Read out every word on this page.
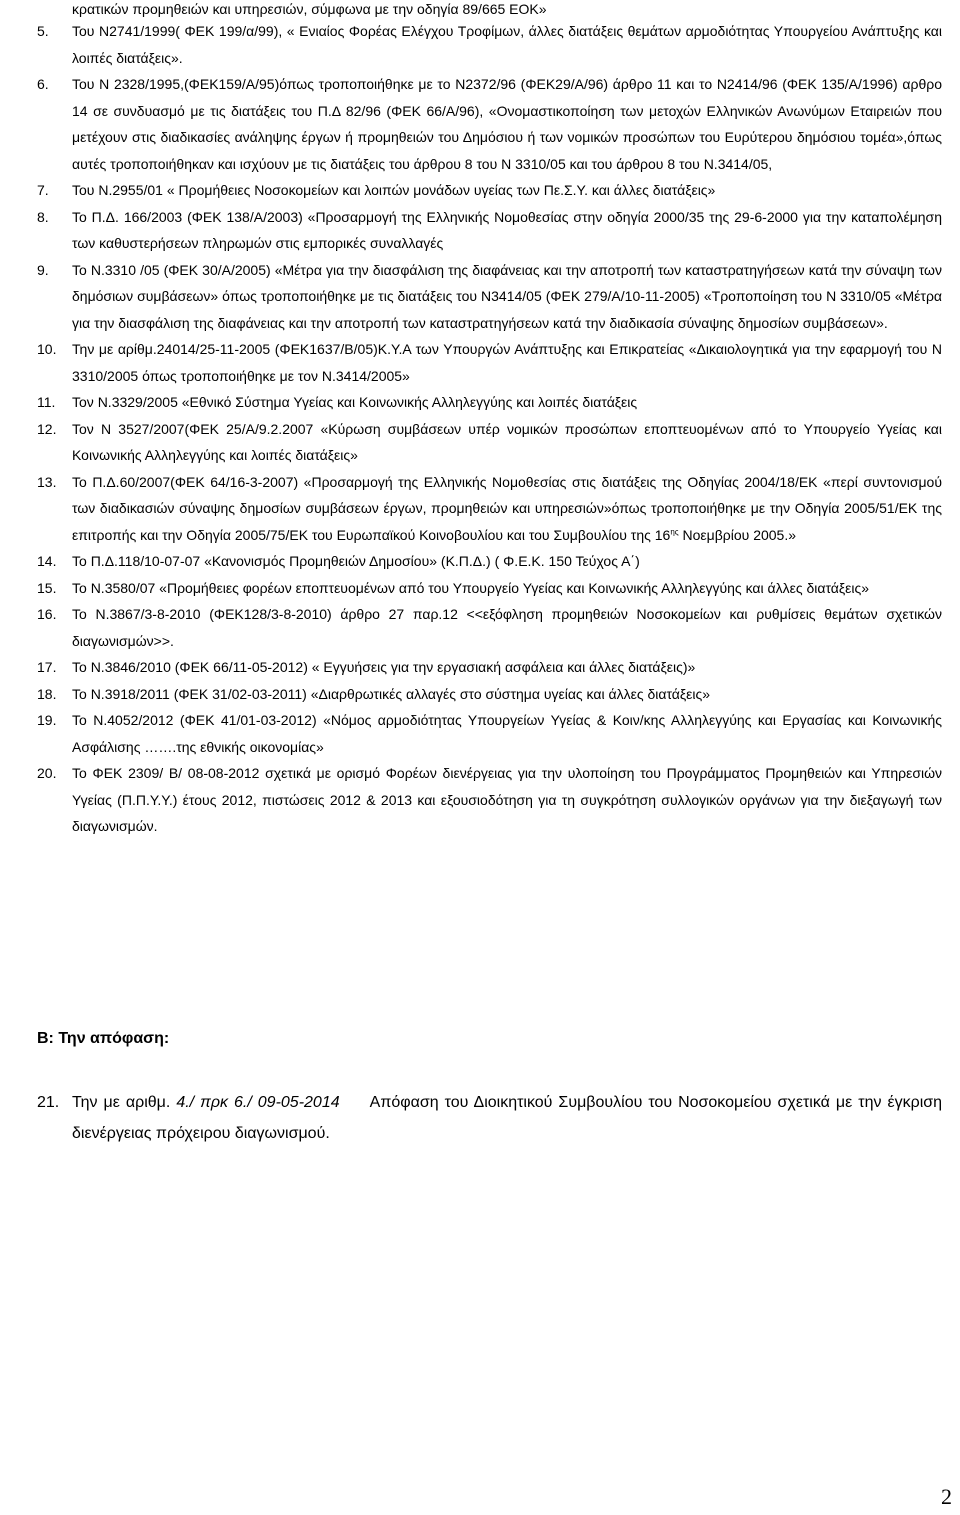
κρατικών προμηθειών και υπηρεσιών, σύμφωνα με την οδηγία 89/665 ΕΟΚ»
5. Του Ν2741/1999( ΦΕΚ 199/α/99), « Ενιαίος Φορέας Ελέγχου Τροφίμων, άλλες διατάξεις θεμάτων αρμοδιότητας Υπουργείου Ανάπτυξης και λοιπές διατάξεις».
6. Του Ν 2328/1995,(ΦΕΚ159/Α/95)όπως τροποποιήθηκε με το Ν2372/96 (ΦΕΚ29/Α/96) άρθρο 11 και το Ν2414/96 (ΦΕΚ 135/Α/1996) αρθρο 14 σε συνδυασμό με τις διατάξεις του Π.Δ 82/96 (ΦΕΚ 66/Α/96), «Ονομαστικοποίηση των μετοχών Ελληνικών Ανωνύμων Εταιρειών που μετέχουν στις διαδικασίες ανάληψης έργων ή προμηθειών του Δημόσιου ή των νομικών προσώπων του Ευρύτερου δημόσιου τομέα»,όπως αυτές τροποποιήθηκαν και ισχύουν με τις διατάξεις του άρθρου 8 του Ν 3310/05 και του άρθρου 8 του Ν.3414/05,
7. Του Ν.2955/01 « Προμήθειες Νοσοκομείων και λοιπών μονάδων υγείας των Πε.Σ.Υ. και άλλες διατάξεις»
8. Το Π.Δ. 166/2003 (ΦΕΚ 138/Α/2003) «Προσαρμογή της Ελληνικής Νομοθεσίας στην οδηγία 2000/35 της 29-6-2000 για την καταπολέμηση των καθυστερήσεων πληρωμών στις εμπορικές συναλλαγές
9. Το Ν.3310 /05 (ΦΕΚ 30/Α/2005) «Μέτρα για την διασφάλιση της διαφάνειας και την αποτροπή των καταστρατηγήσεων κατά την σύναψη των δημόσιων συμβάσεων» όπως τροποποιήθηκε με τις διατάξεις του Ν3414/05 (ΦΕΚ 279/Α/10-11-2005) «Τροποποίηση του Ν 3310/05 «Μέτρα για την διασφάλιση της διαφάνειας και την αποτροπή των καταστρατηγήσεων κατά την διαδικασία σύναψης δημοσίων συμβάσεων».
10. Την με αρίθμ.24014/25-11-2005 (ΦΕΚ1637/Β/05)Κ.Υ.Α των Υπουργών Ανάπτυξης και Επικρατείας «Δικαιολογητικά για την εφαρμογή του Ν 3310/2005 όπως τροποποιήθηκε με τον Ν.3414/2005»
11. Τον Ν.3329/2005 «Εθνικό Σύστημα Υγείας και Κοινωνικής Αλληλεγγύης και λοιπές διατάξεις
12. Τον Ν 3527/2007(ΦΕΚ 25/Α/9.2.2007 «Κύρωση συμβάσεων υπέρ νομικών προσώπων εποπτευομένων από το Υπουργείο Υγείας και Κοινωνικής Αλληλεγγύης και λοιπές διατάξεις»
13. Το Π.Δ.60/2007(ΦΕΚ 64/16-3-2007) «Προσαρμογή της Ελληνικής Νομοθεσίας στις διατάξεις της Οδηγίας 2004/18/ΕΚ «περί συντονισμού των διαδικασιών σύναψης δημοσίων συμβάσεων έργων, προμηθειών και υπηρεσιών»όπως τροποποιήθηκε με την Οδηγία 2005/51/ΕΚ της επιτροπής και την Οδηγία 2005/75/ΕΚ του Ευρωπαϊκού Κοινοβουλίου και του Συμβουλίου της $16^{\eta\varsigma}$ Νοεμβρίου 2005.»
14. Το Π.Δ.118/10-07-07 «Κανονισμός Προμηθειών Δημοσίου» (Κ.Π.Δ.) ( Φ.Ε.Κ. 150 Τεύχος Α΄)
15. Το Ν.3580/07 «Προμήθειες φορέων εποπτευομένων από του Υπουργείο Υγείας και Κοινωνικής Αλληλεγγύης και άλλες διατάξεις»
16. Το Ν.3867/3-8-2010 (ΦΕΚ128/3-8-2010) άρθρο 27 παρ.12 <<εξόφληση προμηθειών Νοσοκομείων και ρυθμίσεις θεμάτων σχετικών διαγωνισμών>>.
17. Το Ν.3846/2010 (ΦΕΚ 66/11-05-2012) « Εγγυήσεις για την εργασιακή ασφάλεια και άλλες διατάξεις)»
18. Το Ν.3918/2011 (ΦΕΚ 31/02-03-2011) «Διαρθρωτικές αλλαγές στο σύστημα υγείας και άλλες διατάξεις»
19. Το Ν.4052/2012 (ΦΕΚ 41/01-03-2012) «Νόμος αρμοδιότητας Υπουργείων Υγείας & Κοιν/κης Αλληλεγγύης και Εργασίας και Κοινωνικής Ασφάλισης …….της εθνικής οικονομίας»
20. Το ΦΕΚ 2309/ Β/ 08-08-2012 σχετικά με ορισμό Φορέων διενέργειας για την υλοποίηση του Προγράμματος Προμηθειών και Υπηρεσιών Υγείας (Π.Π.Υ.Υ.) έτους 2012, πιστώσεις 2012 & 2013 και εξουσιοδότηση για τη συγκρότηση συλλογικών οργάνων για την διεξαγωγή των διαγωνισμών.
Β: Την απόφαση:
21. Την με αριθμ. 4./ πρκ 6./ 09-05-2014 Απόφαση του Διοικητικού Συμβουλίου του Νοσοκομείου σχετικά με την έγκριση διενέργειας πρόχειρου διαγωνισμού.
2
